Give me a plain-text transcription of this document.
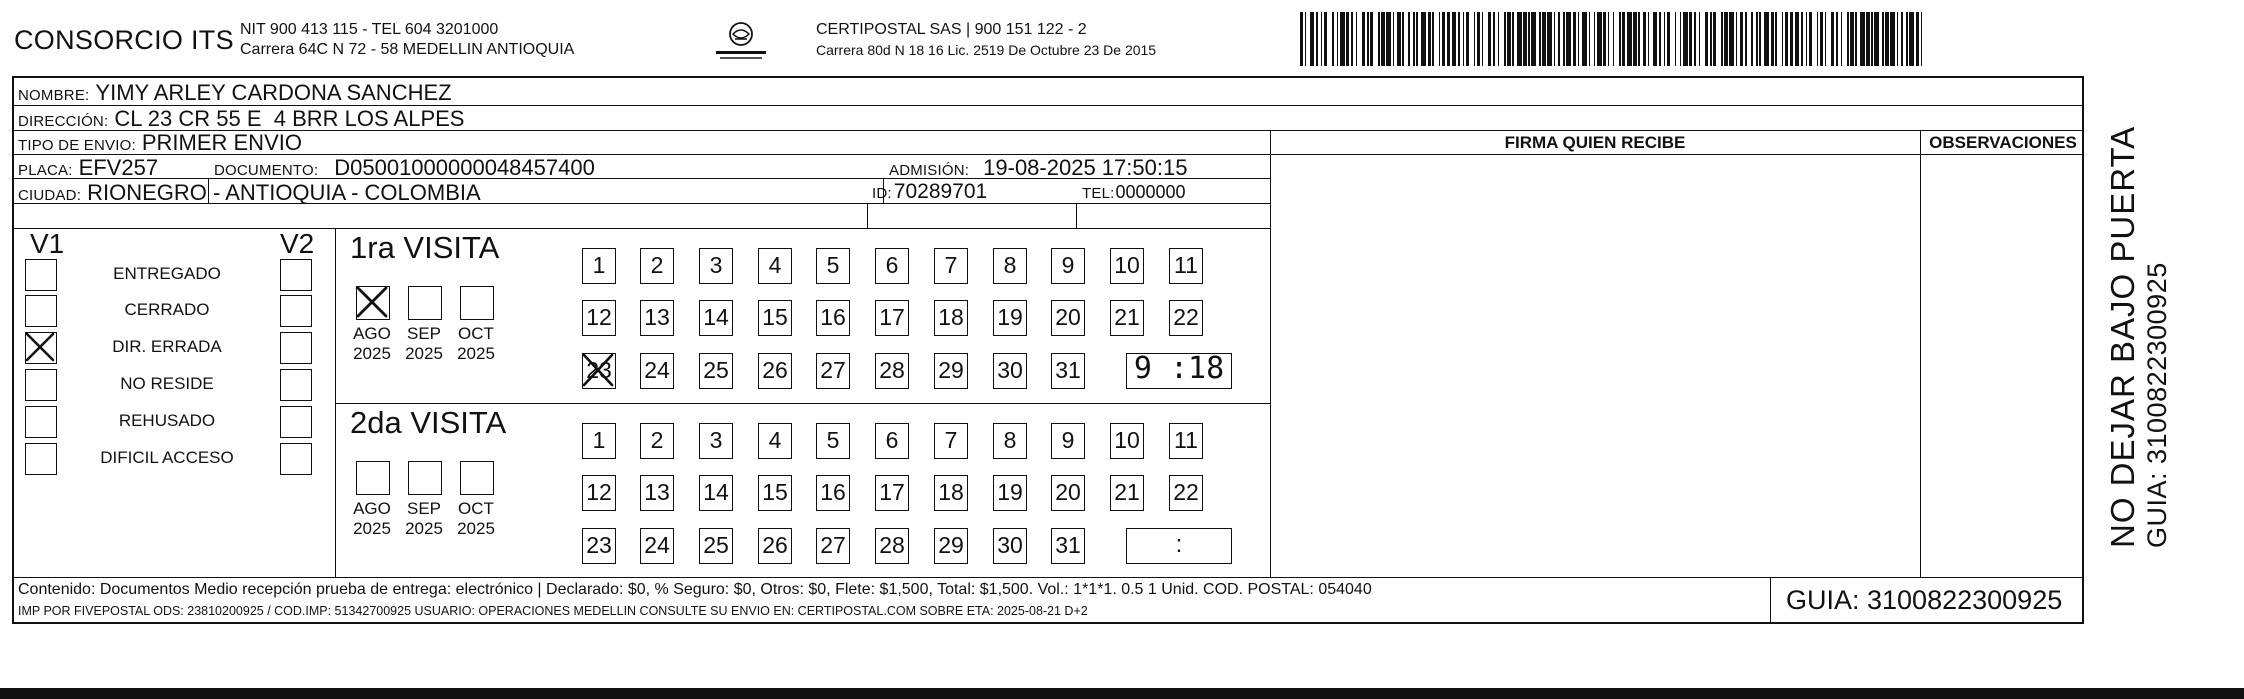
CONSORCIO ITS NIT 900 413 115 - TEL 604 3201000
Carrera 64C N 72 - 58 MEDELLIN ANTIOQUIA
CERTIPOSTAL SAS | 900 151 122 - 2
Carrera 80d N 18 16 Lic. 2519 De Octubre 23 De 2015
NOMBRE: YIMY ARLEY CARDONA SANCHEZ
DIRECCIÓN: CL 23 CR 55 E  4 BRR LOS ALPES
TIPO DE ENVIO: PRIMER ENVIO	FIRMA QUIEN RECIBE	OBSERVACIONES
PLACA: EFV257	DOCUMENTO: D05001000000048457400	ADMISIÓN: 19-08-2025 17:50:15
CIUDAD: RIONEGRO - ANTIOQUIA - COLOMBIA	ID: 70289701	TEL: 0000000
V1	V2
ENTREGADO
CERRADO
DIR. ERRADA
NO RESIDE
REHUSADO
DIFICIL ACCESO
1ra VISITA
AGO
2025
SEP
2025
OCT
2025
1	2	3	4	5	6	7	8	9	10 11
12 13 14 15 16 17 18 19 20 21 22
23 24 25 26 27 28 29 30 31 9 :18
2da VISITA
AGO
2025
SEP
2025
OCT
2025
1	2	3	4	5	6	7	8	9	10 11
12 13 14 15 16 17 18 19 20 21 22
23 24 25 26 27 28 29 30 31	:
Contenido: Documentos Medio recepción prueba de entrega: electrónico | Declarado: $0, % Seguro: $0, Otros: $0, Flete: $1,500, Total: $1,500. Vol.: 1*1*1. 0.5 1 Unid. COD. POSTAL: 054040
IMP POR FIVEPOSTAL ODS: 23810200925 / COD.IMP: 51342700925 USUARIO: OPERACIONES MEDELLIN CONSULTE SU ENVIO EN: CERTIPOSTAL.COM SOBRE ETA: 2025-08-21 D+2	GUIA: 3100822300925
NO DEJAR BAJO PUERTA GUIA: 3100822300925
